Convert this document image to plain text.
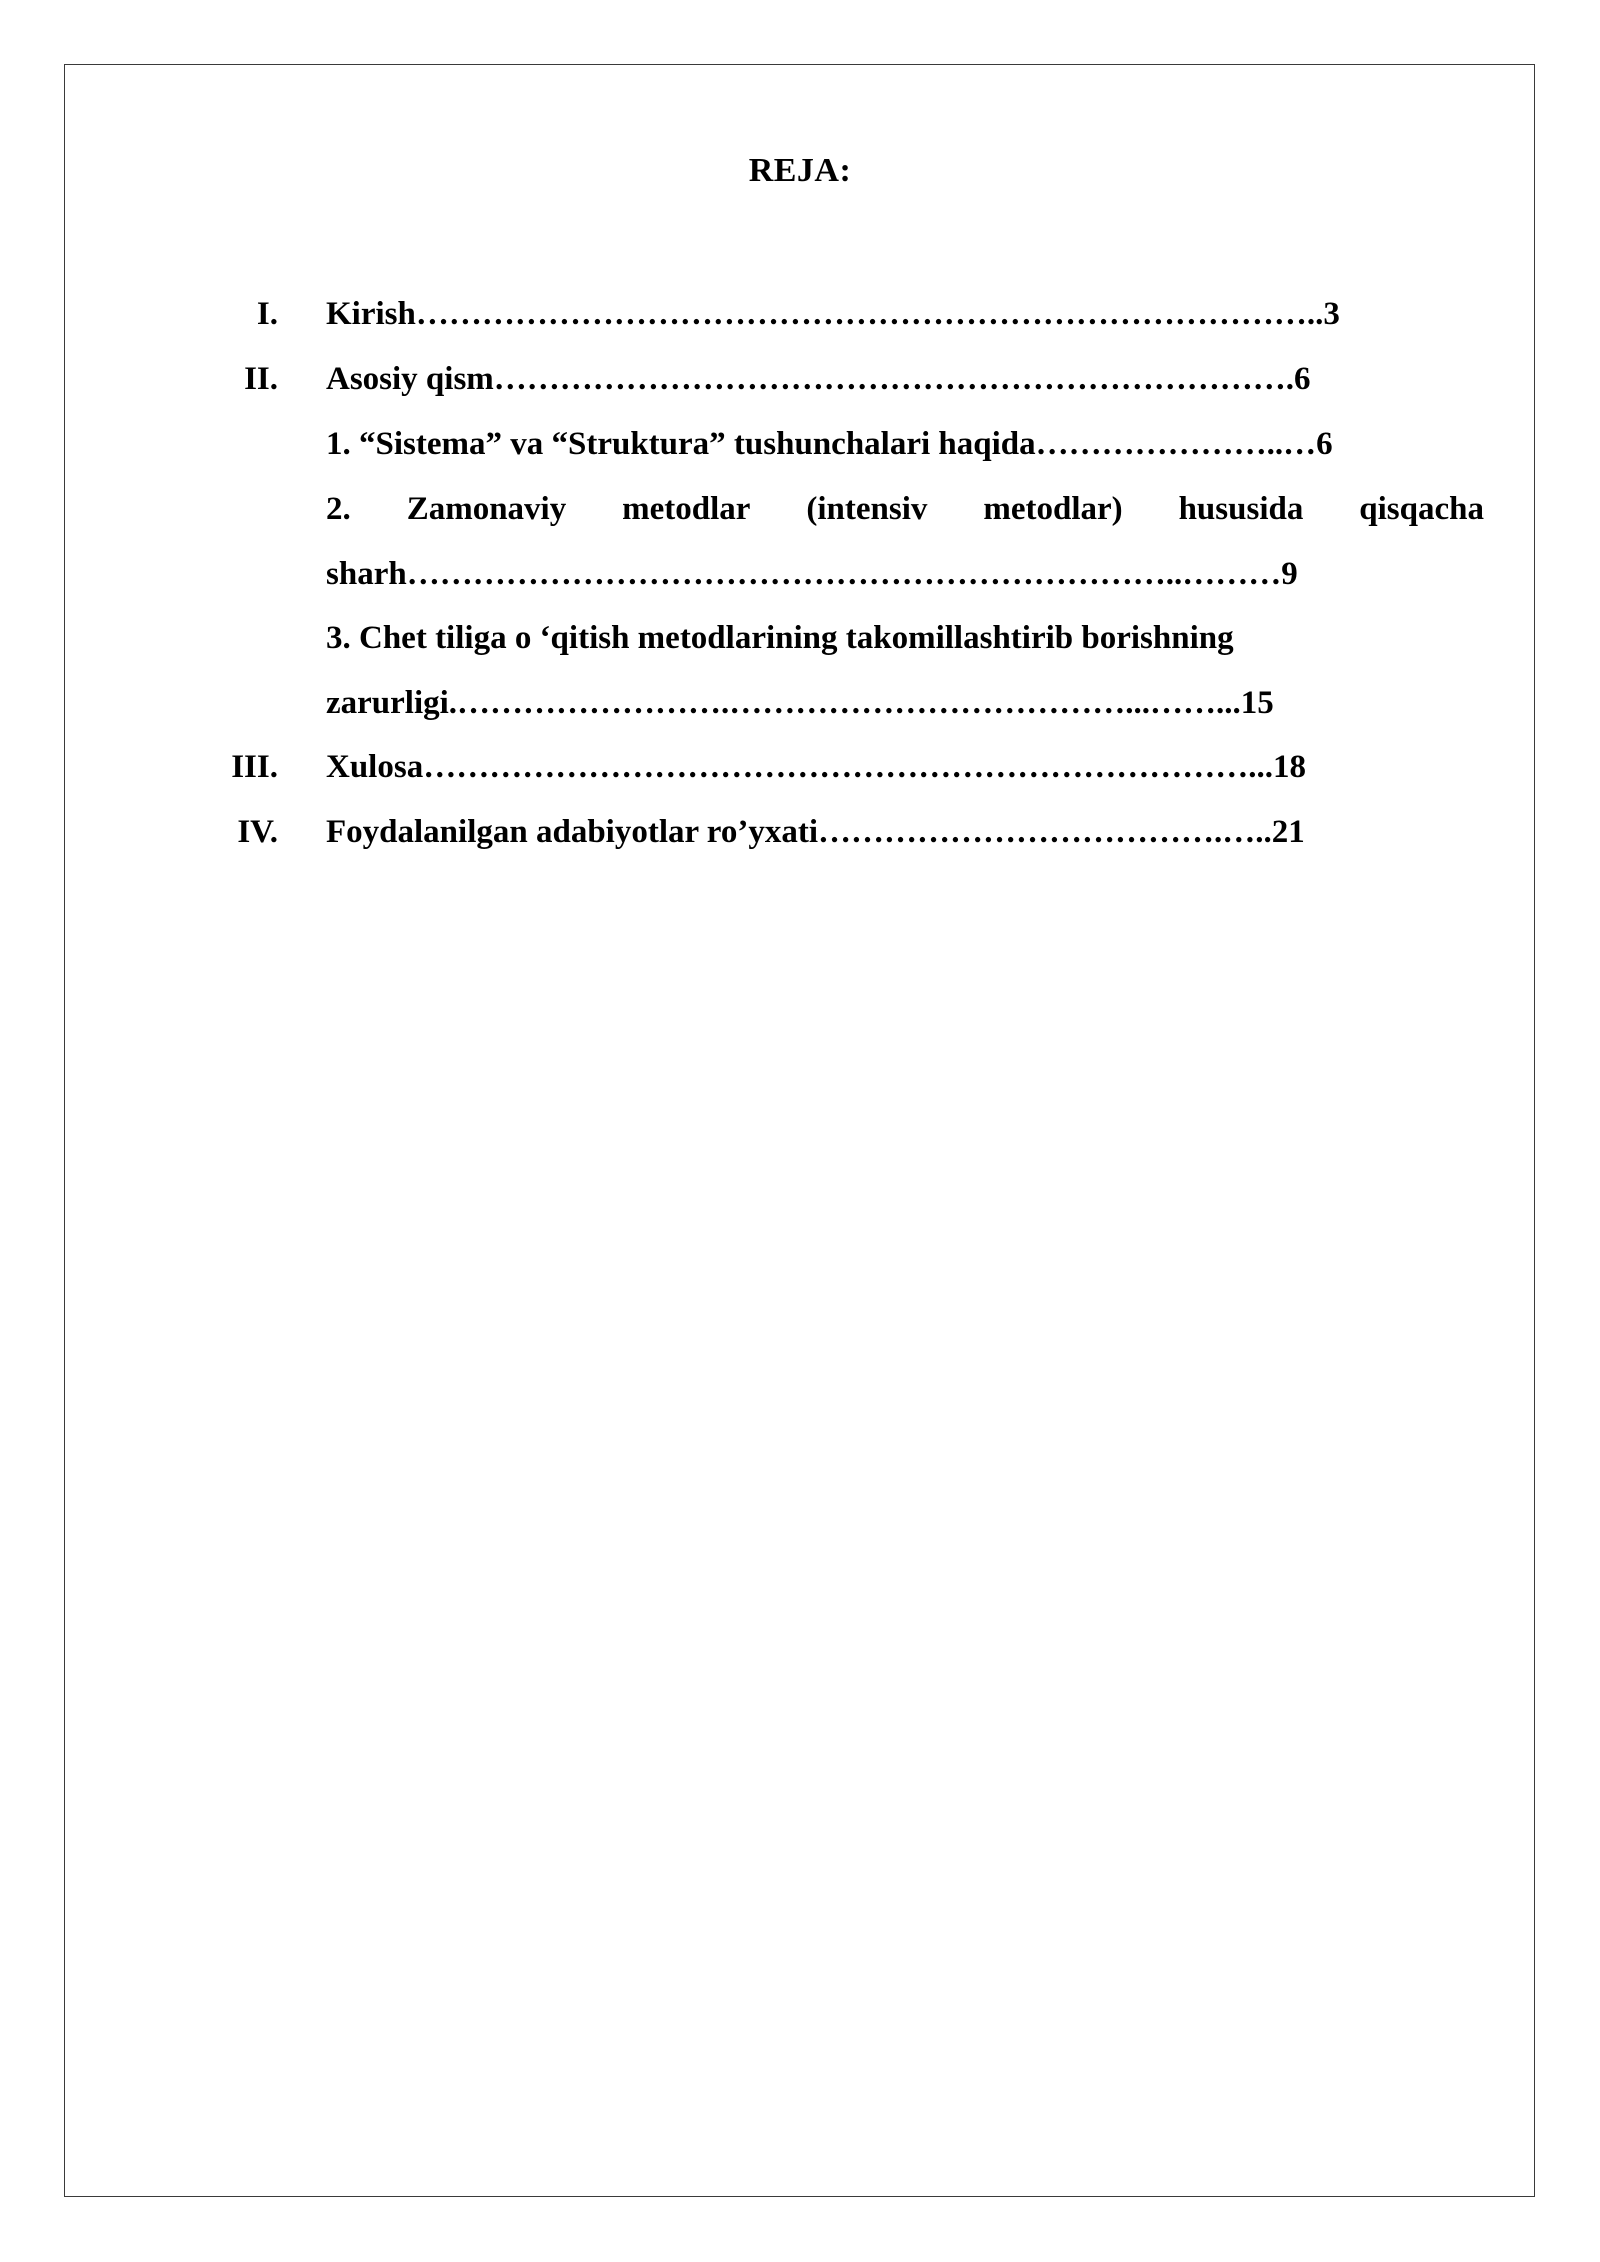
REJA:
I. Kirish………………………………………………………………………..3
II. Asosiy qism……………………………………………………………….6
1. “Sistema” va “Struktura” tushunchalari haqida…………………..…6
2. Zamonaviy metodlar (intensiv metodlar) hususida qisqacha
sharh……………………………………………………………..………9
3. Chet tiliga o ‘qitish metodlarining takomillashtirib borishning
zarurligi.…………………….………………………………...……...15
III. Xulosa…………………………………………………………………...18
IV. Foydalanilgan adabiyotlar ro’yxati……………………………….…..21
